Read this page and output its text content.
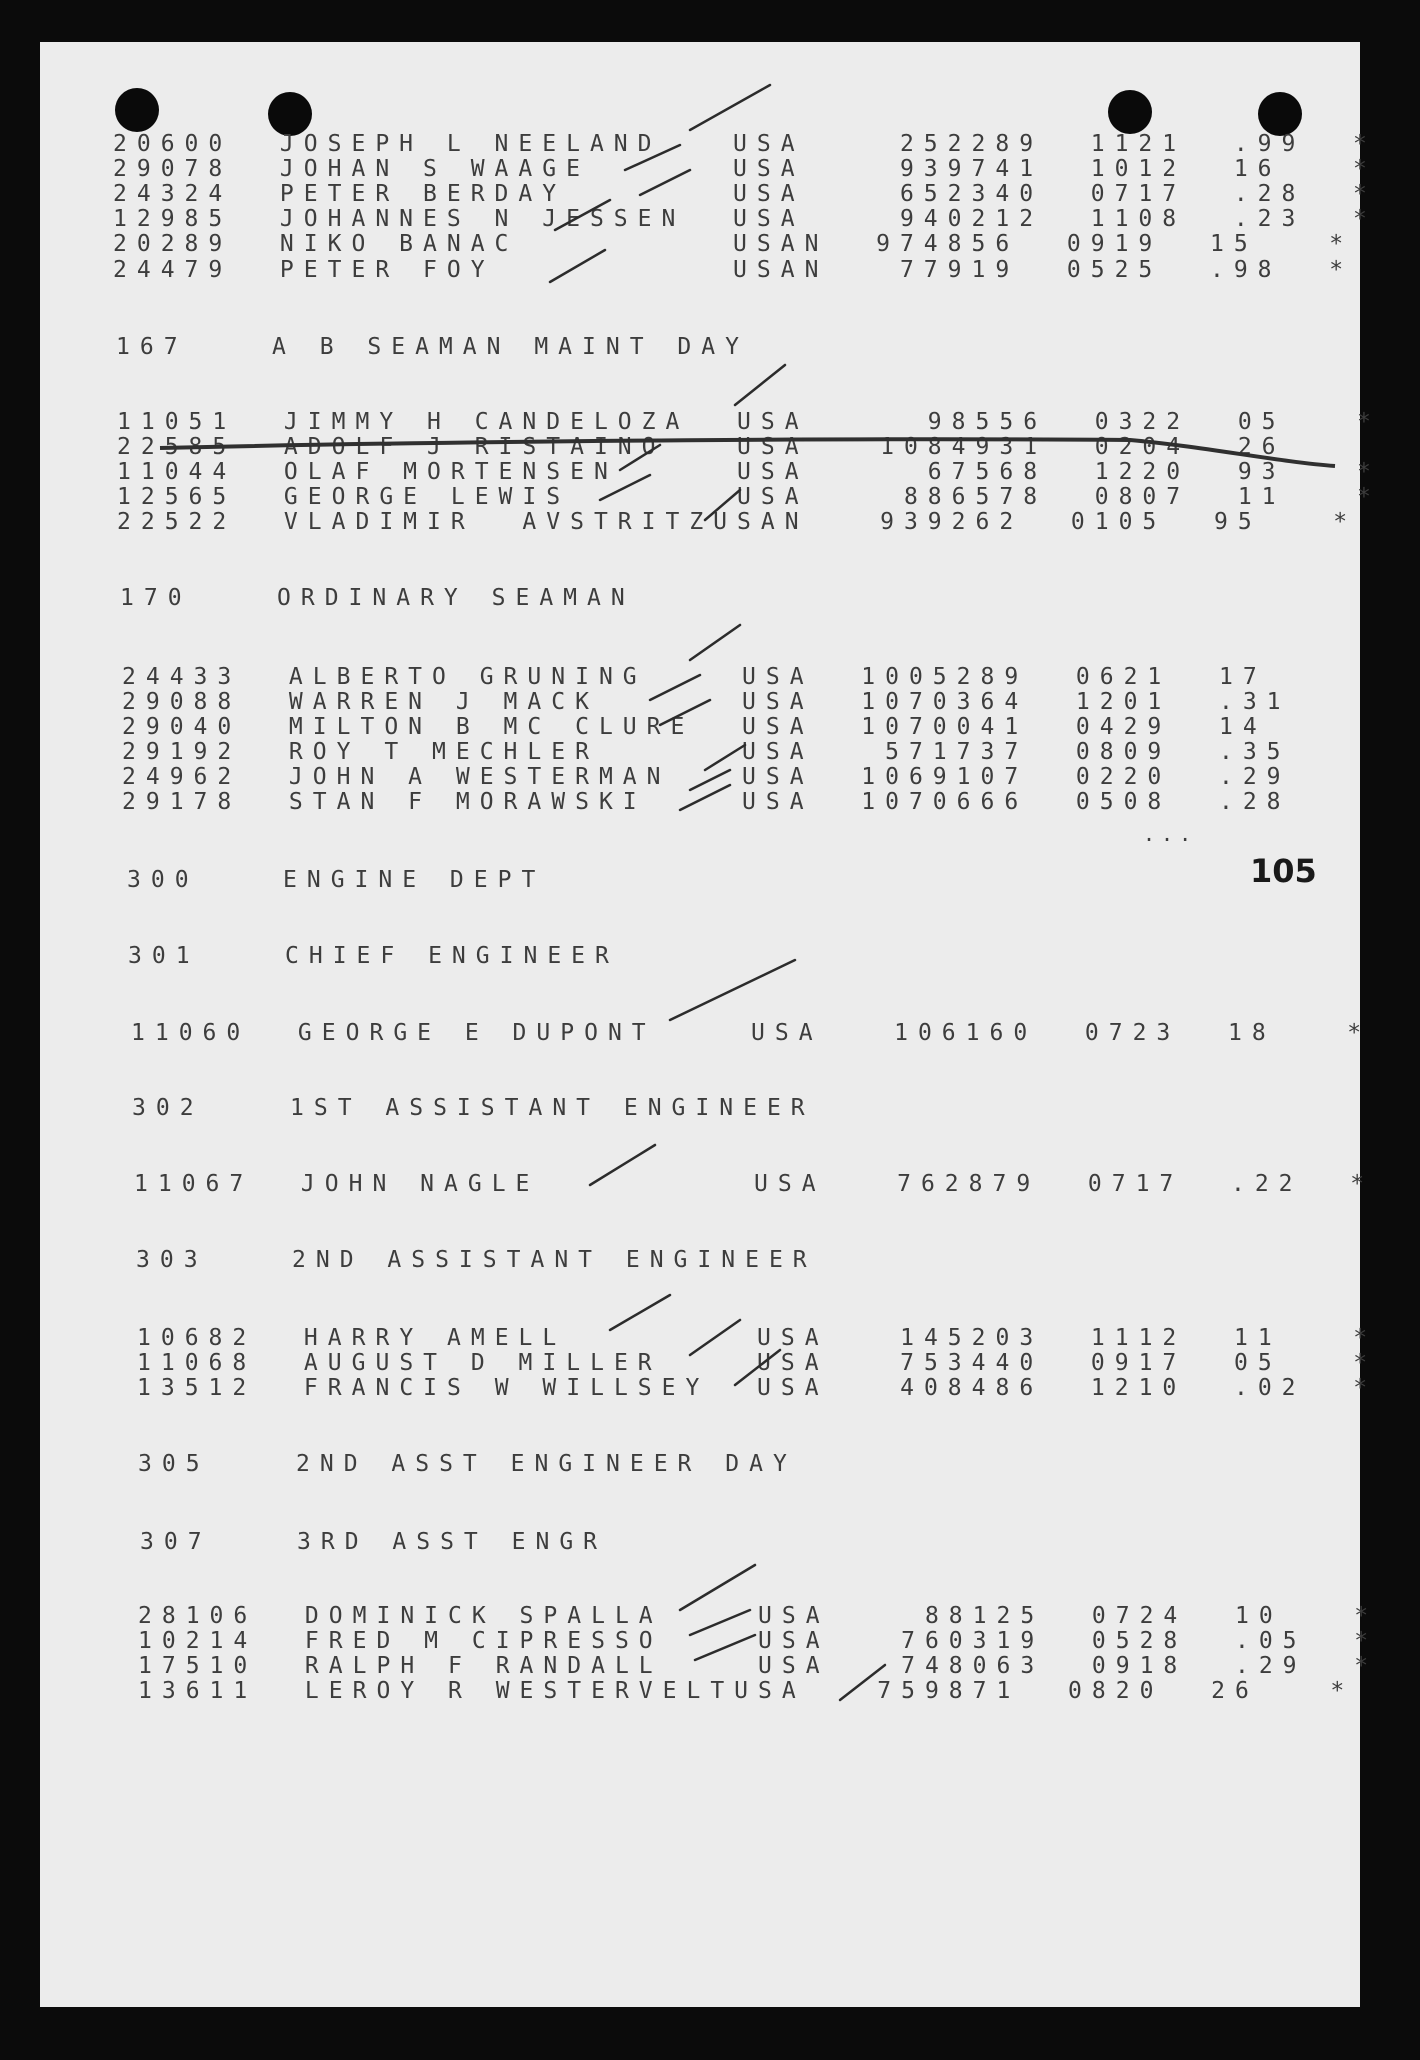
20600  JOSEPH L NEELAND   USA    252289  1121  .99  *
29078  JOHAN S WAAGE      USA    939741  1012  16   *
24324  PETER BERDAY       USA    652340  0717  .28  *
12985  JOHANNES N JESSEN  USA    940212  1108  .23  *
20289  NIKO BANAC         USAN  974856  0919  15   *
24479  PETER FOY          USAN   77919  0525  .98  *
167	A B SEAMAN MAINT DAY
11051  JIMMY H CANDELOZA  USA     98556  0322  05   *
22585  ADOLF J RISTAINO   USA   1084931  0204  26
11044  OLAF MORTENSEN     USA     67568  1220  93   *
12565  GEORGE LEWIS       USA    886578  0807  11   *
22522  VLADIMIR  AVSTRITZUSAN   939262  0105  95   *
170	ORDINARY SEAMAN
24433  ALBERTO GRUNING    USA  1005289  0621  17
29088  WARREN J MACK      USA  1070364  1201  .31
29040  MILTON B MC CLURE  USA  1070041  0429  14
29192  ROY T MECHLER      USA   571737  0809  .35
24962  JOHN A WESTERMAN   USA  1069107  0220  .29
29178  STAN F MORAWSKI    USA  1070666  0508  .28
...
105
300	ENGINE DEPT
301	CHIEF ENGINEER
11060  GEORGE E DUPONT    USA   106160  0723  18   *
302	1ST ASSISTANT ENGINEER
11067  JOHN NAGLE         USA   762879  0717  .22  *
303	2ND ASSISTANT ENGINEER
10682  HARRY AMELL        USA   145203  1112  11   *
11068  AUGUST D MILLER    USA   753440  0917  05   *
13512  FRANCIS W WILLSEY  USA   408486  1210  .02  *
305	2ND ASST ENGINEER DAY
307	3RD ASST ENGR
28106  DOMINICK SPALLA    USA    88125  0724  10   *
10214  FRED M CIPRESSO    USA   760319  0528  .05  *
17510  RALPH F RANDALL    USA   748063  0918  .29  *
13611  LEROY R WESTERVELTUSA   759871  0820  26   *
